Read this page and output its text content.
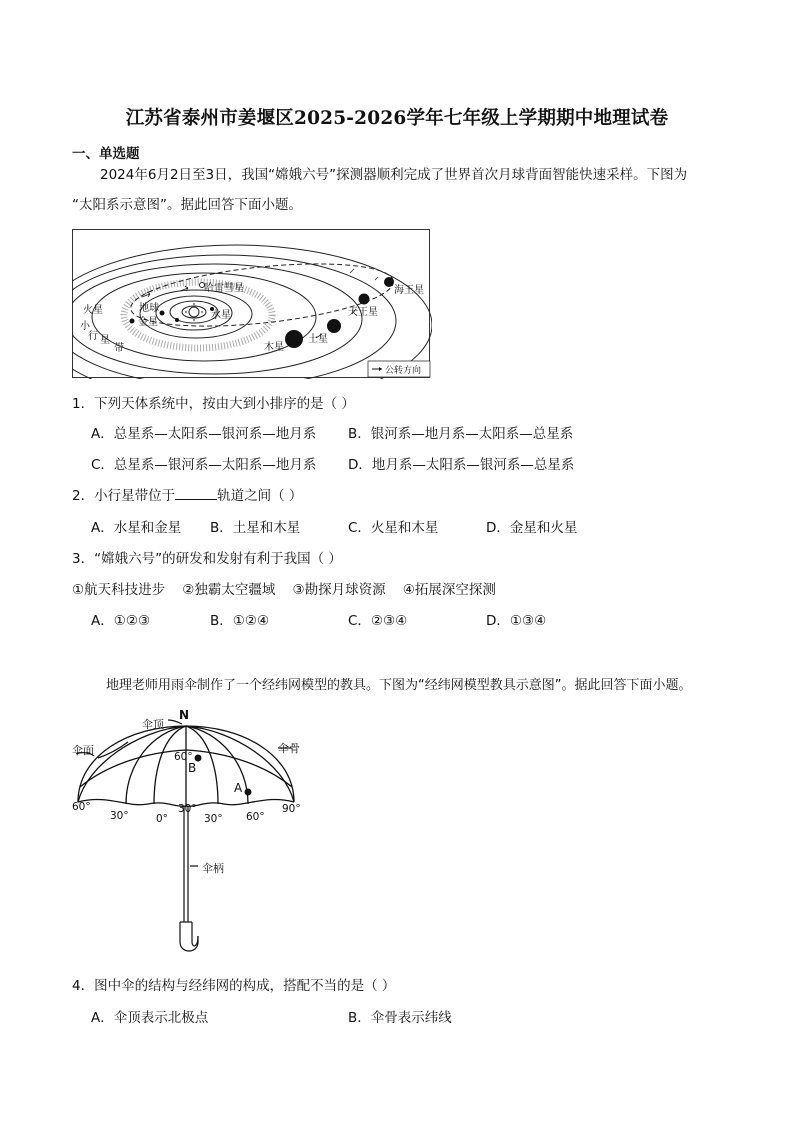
江苏省泰州市姜堰区2025-2026学年七年级上学期期中地理试卷
一、单选题
2024年6月2日至3日，我国“嫦娥六号”探测器顺利完成了世界首次月球背面智能快速采样。下图为
“太阳系示意图”。据此回答下面小题。
哈雷彗星
水星
地球
金星
火星
小
行 星
带	木星
土星
天王星
海王星
公转方向
1．下列天体系统中，按由大到小排序的是（ ）
A．总星系—太阳系—银河系—地月系 B．银河系—地月系—太阳系—总星系
C．总星系—银河系—太阳系—地月系 D．地月系—太阳系—银河系—总星系
2．小行星带位于	轨道之间（ ）
A．水星和金星 B．土星和木星	C．火星和木星	D．金星和火星
3．“嫦娥六号”的研发和发射有利于我国（ ）
①航天科技进步    ②独霸太空疆域    ③勘探月球资源    ④拓展深空探测
A．①②③	B．①②④	C．②③④	D．①③④
地理老师用雨伞制作了一个经纬网模型的教具。下图为“经纬网模型教具示意图”。据此回答下面小题。
N
伞顶
伞面	伞骨
60°
B
A
60°
30°	0°
30°
30° 60°
90°
伞柄
4．图中伞的结构与经纬网的构成，搭配不当的是（ ）
A．伞顶表示北极点	B．伞骨表示纬线
